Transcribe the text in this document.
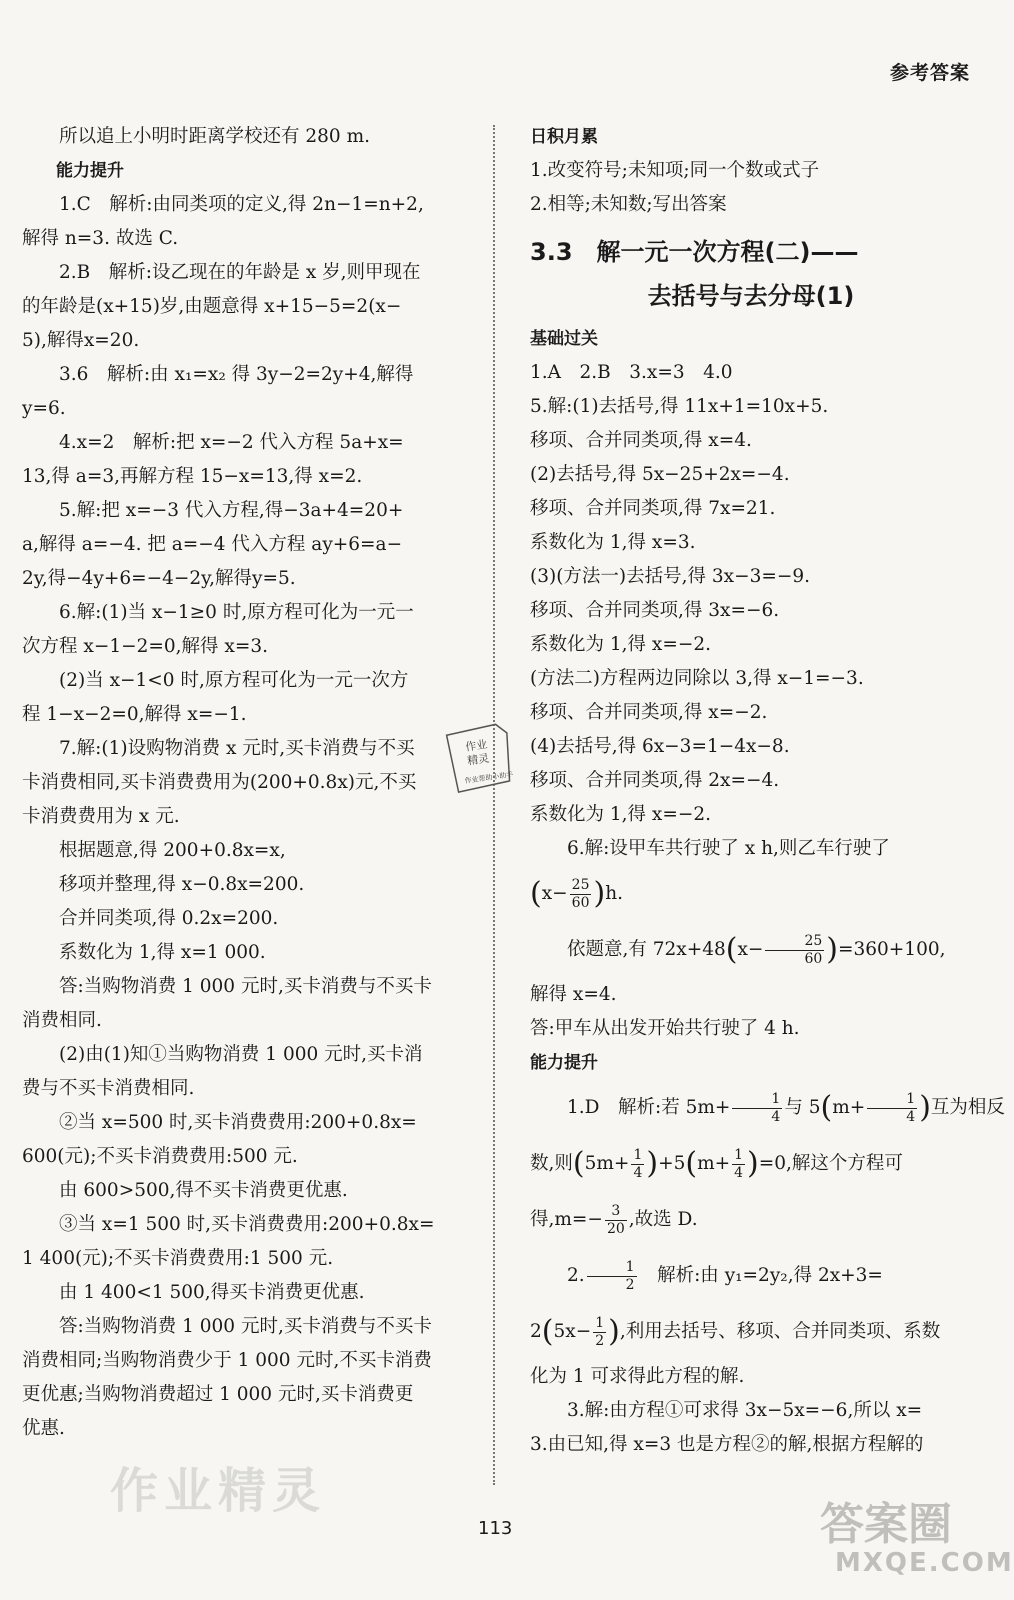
参考答案

所以追上小明时距离学校还有 280 m.

能力提升

1.C　解析:由同类项的定义,得 2n−1=n+2,

解得 n=3. 故选 C.

2.B　解析:设乙现在的年龄是 x 岁,则甲现在

的年龄是(x+15)岁,由题意得 x+15−5=2(x−

5),解得x=20.

3.6　解析:由 x₁=x₂ 得 3y−2=2y+4,解得

y=6.

4.x=2　解析:把 x=−2 代入方程 5a+x=

13,得 a=3,再解方程 15−x=13,得 x=2.

5.解:把 x=−3 代入方程,得−3a+4=20+

a,解得 a=−4. 把 a=−4 代入方程 ay+6=a−

2y,得−4y+6=−4−2y,解得y=5.

6.解:(1)当 x−1≥0 时,原方程可化为一元一

次方程 x−1−2=0,解得 x=3.

(2)当 x−1<0 时,原方程可化为一元一次方

程 1−x−2=0,解得 x=−1.

7.解:(1)设购物消费 x 元时,买卡消费与不买

卡消费相同,买卡消费费用为(200+0.8x)元,不买

卡消费费用为 x 元.

根据题意,得 200+0.8x=x,

移项并整理,得 x−0.8x=200.

合并同类项,得 0.2x=200.

系数化为 1,得 x=1 000.

答:当购物消费 1 000 元时,买卡消费与不买卡

消费相同.

(2)由(1)知①当购物消费 1 000 元时,买卡消

费与不买卡消费相同.

②当 x=500 时,买卡消费费用:200+0.8x=

600(元);不买卡消费费用:500 元.

由 600>500,得不买卡消费更优惠.

③当 x=1 500 时,买卡消费费用:200+0.8x=

1 400(元);不买卡消费费用:1 500 元.

由 1 400<1 500,得买卡消费更优惠.

答:当购物消费 1 000 元时,买卡消费与不买卡

消费相同;当购物消费少于 1 000 元时,不买卡消费

更优惠;当购物消费超过 1 000 元时,买卡消费更

优惠.

日积月累

1.改变符号;未知项;同一个数或式子

2.相等;未知数;写出答案

3.3　解一元一次方程(二)——

去括号与去分母(1)

基础过关

1.A　2.B　3.x=3　4.0

5.解:(1)去括号,得 11x+1=10x+5.

移项、合并同类项,得 x=4.

(2)去括号,得 5x−25+2x=−4.

移项、合并同类项,得 7x=21.

系数化为 1,得 x=3.

(3)(方法一)去括号,得 3x−3=−9.

移项、合并同类项,得 3x=−6.

系数化为 1,得 x=−2.

(方法二)方程两边同除以 3,得 x−1=−3.

移项、合并同类项,得 x=−2.

(4)去括号,得 6x−3=1−4x−8.

移项、合并同类项,得 2x=−4.

系数化为 1,得 x=−2.

6.解:设甲车共行驶了 x h,则乙车行驶了

$(x- \frac{25}{60} )h$.

依题意,有 $72x+48(x- \frac{25}{60} )=360+100$,

解得 x=4.

答:甲车从出发开始共行驶了 4 h.

能力提升

1.D　解析:若 $5m+ \frac{1}{4}$ 与 $5(m+ \frac{1}{4}$ )互为相反

数,则$(5m+ \frac{1}{4} )+5(m+ \frac{1}{4} )=0$,解这个方程可

得$,m=- \frac{3}{20}$ ,故选 D.

2. $\frac{1}{2}$ 　解析:由 y₁=2y₂,得 2x+3=

$2(5x- \frac{1}{2}$ ),利用去括号、移项、合并同类项、系数

化为 1 可求得此方程的解.

3.解:由方程①可求得 3x−5x=−6,所以 x=

3.由已知,得 x=3 也是方程②的解,根据方程解的

113
作业
精灵
作业帮助小助手
作业精灵
答案圈
MXQE.COM
